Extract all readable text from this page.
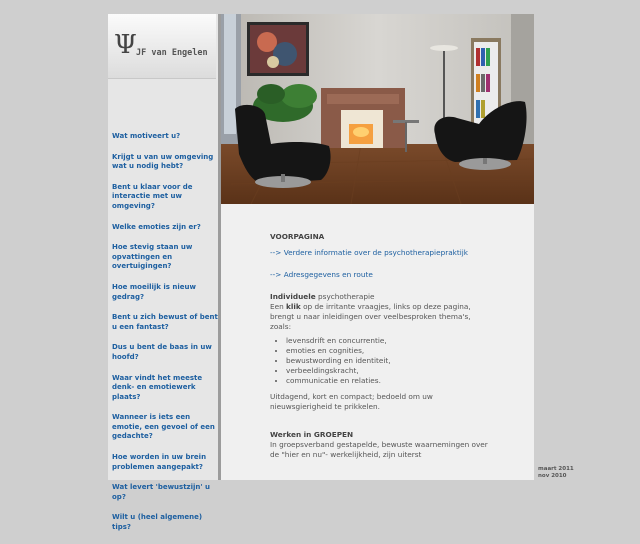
Ψ JF van Engelen
Wat motiveert u?
Krijgt u van uw omgeving wat u nodig hebt?
Bent u klaar voor de interactie met uw omgeving?
Welke emoties zijn er?
Hoe stevig staan uw opvattingen en overtuigingen?
Hoe moeilijk is nieuw gedrag?
Bent u zich bewust of bent u een fantast?
Dus u bent de baas in uw hoofd?
Waar vindt het meeste denk- en emotiewerk plaats?
Wanneer is iets een emotie, een gevoel of een gedachte?
Hoe worden in uw brein problemen aangepakt?
Wat levert 'bewustzijn' u op?
Wilt u (heel algemene) tips?
VOORPAGINA
--> Verdere informatie over de psychotherapiepraktijk
--> Adresgegevens en route
Individuele psychotherapie
Een klik op de irritante vraagjes, links op deze pagina, brengt u naar inleidingen over veelbesproken thema's, zoals:
• levensdrift en concurrentie,
• emoties en cognities,
• bewustwording en identiteit,
• verbeeldingskracht,
• communicatie en relaties.
Uitdagend, kort en compact; bedoeld om uw nieuwsgierigheid te prikkelen.
Werken in GROEPEN
In groepsverband gestapelde, bewuste waarnemingen over de "hier en nu"- werkelijkheid, zijn uiterst
maart 2011
nov 2010
